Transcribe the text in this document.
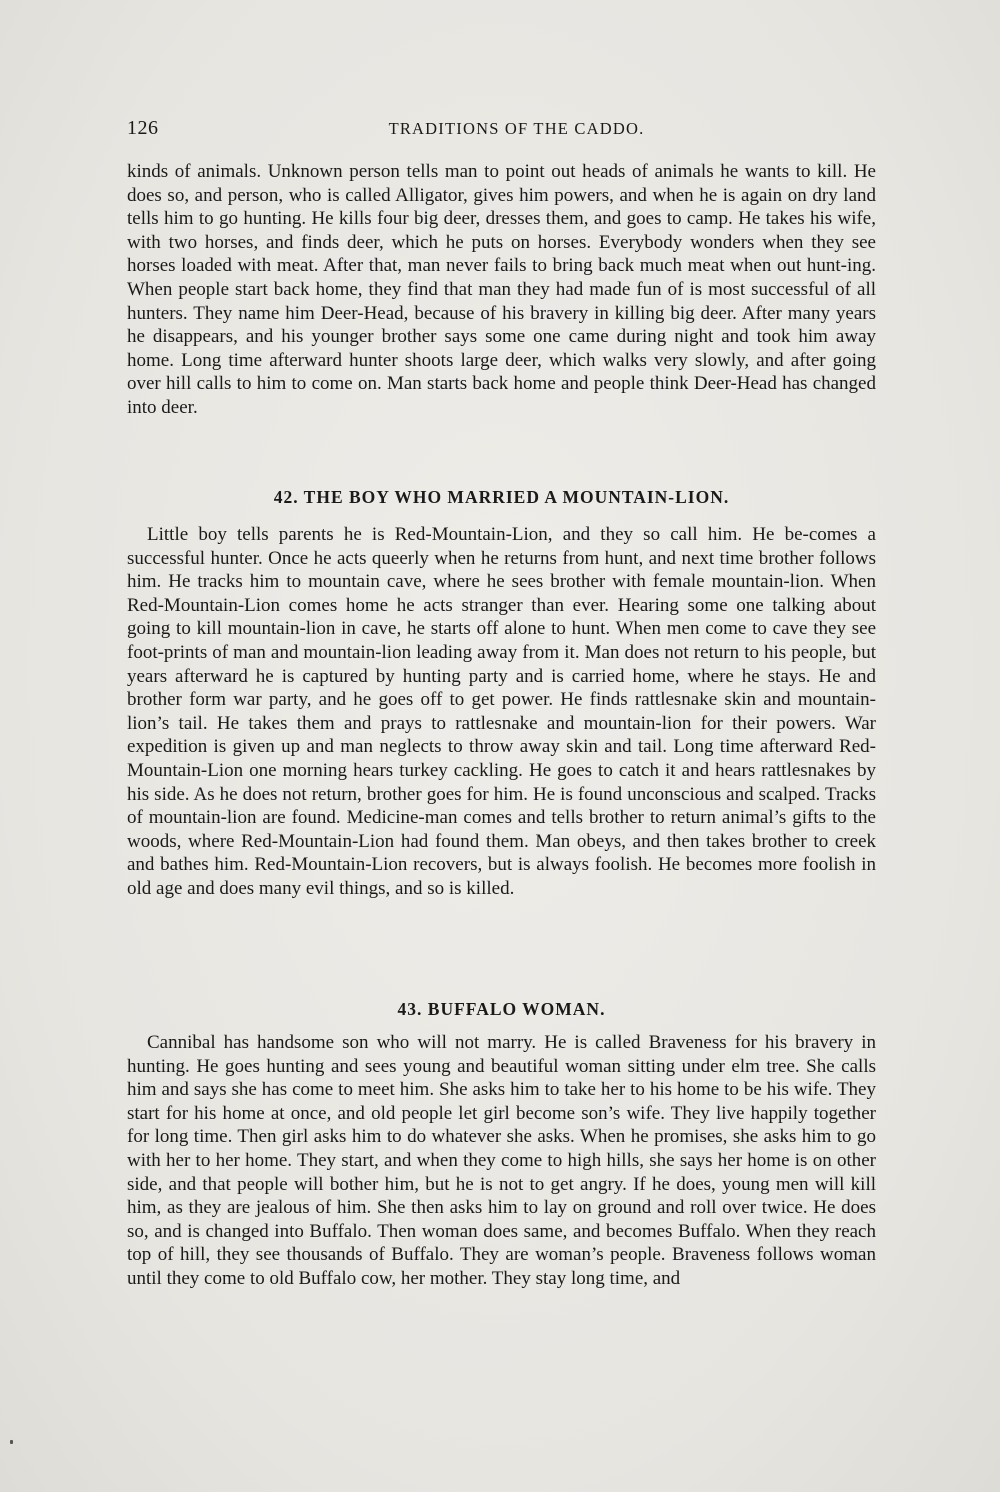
126	TRADITIONS OF THE CADDO.

kinds of animals. Unknown person tells man to point out heads of animals he wants to kill. He does so, and person, who is called Alligator, gives him powers, and when he is again on dry land tells him to go hunting. He kills four big deer, dresses them, and goes to camp. He takes his wife, with two horses, and finds deer, which he puts on horses. Everybody wonders when they see horses loaded with meat. After that, man never fails to bring back much meat when out hunt-ing. When people start back home, they find that man they had made fun of is most successful of all hunters. They name him Deer-Head, because of his bravery in killing big deer. After many years he disappears, and his younger brother says some one came during night and took him away home. Long time afterward hunter shoots large deer, which walks very slowly, and after going over hill calls to him to come on. Man starts back home and people think Deer-Head has changed into deer.

42. THE BOY WHO MARRIED A MOUNTAIN-LION.

Little boy tells parents he is Red-Mountain-Lion, and they so call him. He be-comes a successful hunter. Once he acts queerly when he returns from hunt, and next time brother follows him. He tracks him to mountain cave, where he sees brother with female mountain-lion. When Red-Mountain-Lion comes home he acts stranger than ever. Hearing some one talking about going to kill mountain-lion in cave, he starts off alone to hunt. When men come to cave they see foot-prints of man and mountain-lion leading away from it. Man does not return to his people, but years afterward he is captured by hunting party and is carried home, where he stays. He and brother form war party, and he goes off to get power. He finds rattlesnake skin and mountain-lion’s tail. He takes them and prays to rattlesnake and mountain-lion for their powers. War expedition is given up and man neglects to throw away skin and tail. Long time afterward Red-Mountain-Lion one morning hears turkey cackling. He goes to catch it and hears rattlesnakes by his side. As he does not return, brother goes for him. He is found unconscious and scalped. Tracks of mountain-lion are found. Medicine-man comes and tells brother to return animal’s gifts to the woods, where Red-Mountain-Lion had found them. Man obeys, and then takes brother to creek and bathes him. Red-Mountain-Lion recovers, but is always foolish. He becomes more foolish in old age and does many evil things, and so is killed.

43. BUFFALO WOMAN.

Cannibal has handsome son who will not marry. He is called Braveness for his bravery in hunting. He goes hunting and sees young and beautiful woman sitting under elm tree. She calls him and says she has come to meet him. She asks him to take her to his home to be his wife. They start for his home at once, and old people let girl become son’s wife. They live happily together for long time. Then girl asks him to do whatever she asks. When he promises, she asks him to go with her to her home. They start, and when they come to high hills, she says her home is on other side, and that people will bother him, but he is not to get angry. If he does, young men will kill him, as they are jealous of him. She then asks him to lay on ground and roll over twice. He does so, and is changed into Buffalo. Then woman does same, and becomes Buffalo. When they reach top of hill, they see thousands of Buffalo. They are woman’s people. Braveness follows woman until they come to old Buffalo cow, her mother. They stay long time, and
